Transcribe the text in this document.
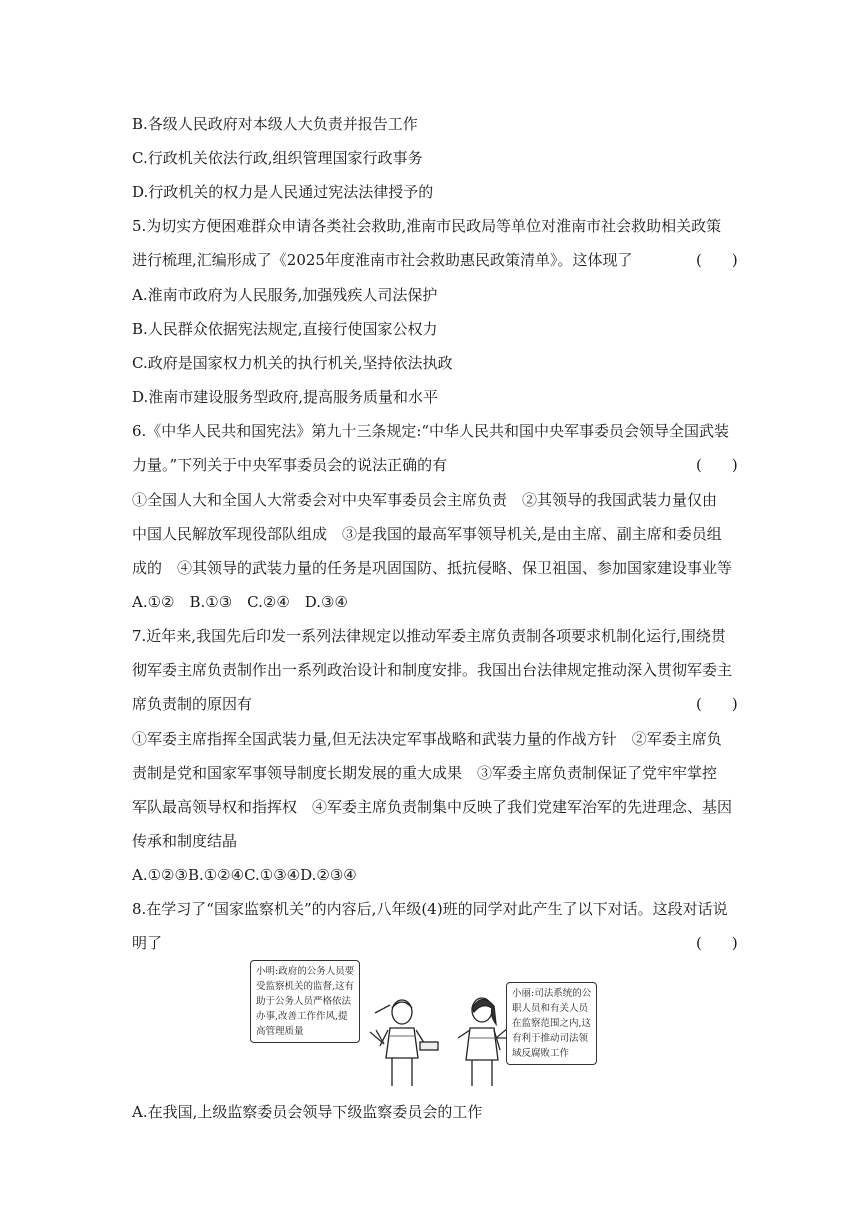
B.各级人民政府对本级人大负责并报告工作
C.行政机关依法行政,组织管理国家行政事务
D.行政机关的权力是人民通过宪法法律授予的
5.为切实方便困难群众申请各类社会救助,淮南市民政局等单位对淮南市社会救助相关政策
进行梳理,汇编形成了《2025年度淮南市社会救助惠民政策清单》。这体现了	(　　)
A.淮南市政府为人民服务,加强残疾人司法保护
B.人民群众依据宪法规定,直接行使国家公权力
C.政府是国家权力机关的执行机关,坚持依法执政
D.淮南市建设服务型政府,提高服务质量和水平
6.《中华人民共和国宪法》第九十三条规定:“中华人民共和国中央军事委员会领导全国武装
力量。”下列关于中央军事委员会的说法正确的有	(　　)
①全国人大和全国人大常委会对中央军事委员会主席负责　②其领导的我国武装力量仅由
中国人民解放军现役部队组成　③是我国的最高军事领导机关,是由主席、副主席和委员组
成的　④其领导的武装力量的任务是巩固国防、抵抗侵略、保卫祖国、参加国家建设事业等
A.①②　B.①③　C.②④　D.③④
7.近年来,我国先后印发一系列法律规定以推动军委主席负责制各项要求机制化运行,围绕贯
彻军委主席负责制作出一系列政治设计和制度安排。我国出台法律规定推动深入贯彻军委主
席负责制的原因有	(　　)
①军委主席指挥全国武装力量,但无法决定军事战略和武装力量的作战方针　②军委主席负
责制是党和国家军事领导制度长期发展的重大成果　③军委主席负责制保证了党牢牢掌控
军队最高领导权和指挥权　④军委主席负责制集中反映了我们党建军治军的先进理念、基因
传承和制度结晶
A.①②③B.①②④C.①③④D.②③④
8.在学习了“国家监察机关”的内容后,八年级(4)班的同学对此产生了以下对话。这段对话说
明了	(　　)
小明:政府的公务人员要
受监察机关的监督,这有
助于公务人员严格依法
办事,改善工作作风,提
高管理质量
小丽:司法系统的公
职人员和有关人员
在监察范围之内,这
有利于推动司法领
域反腐败工作
A.在我国,上级监察委员会领导下级监察委员会的工作
